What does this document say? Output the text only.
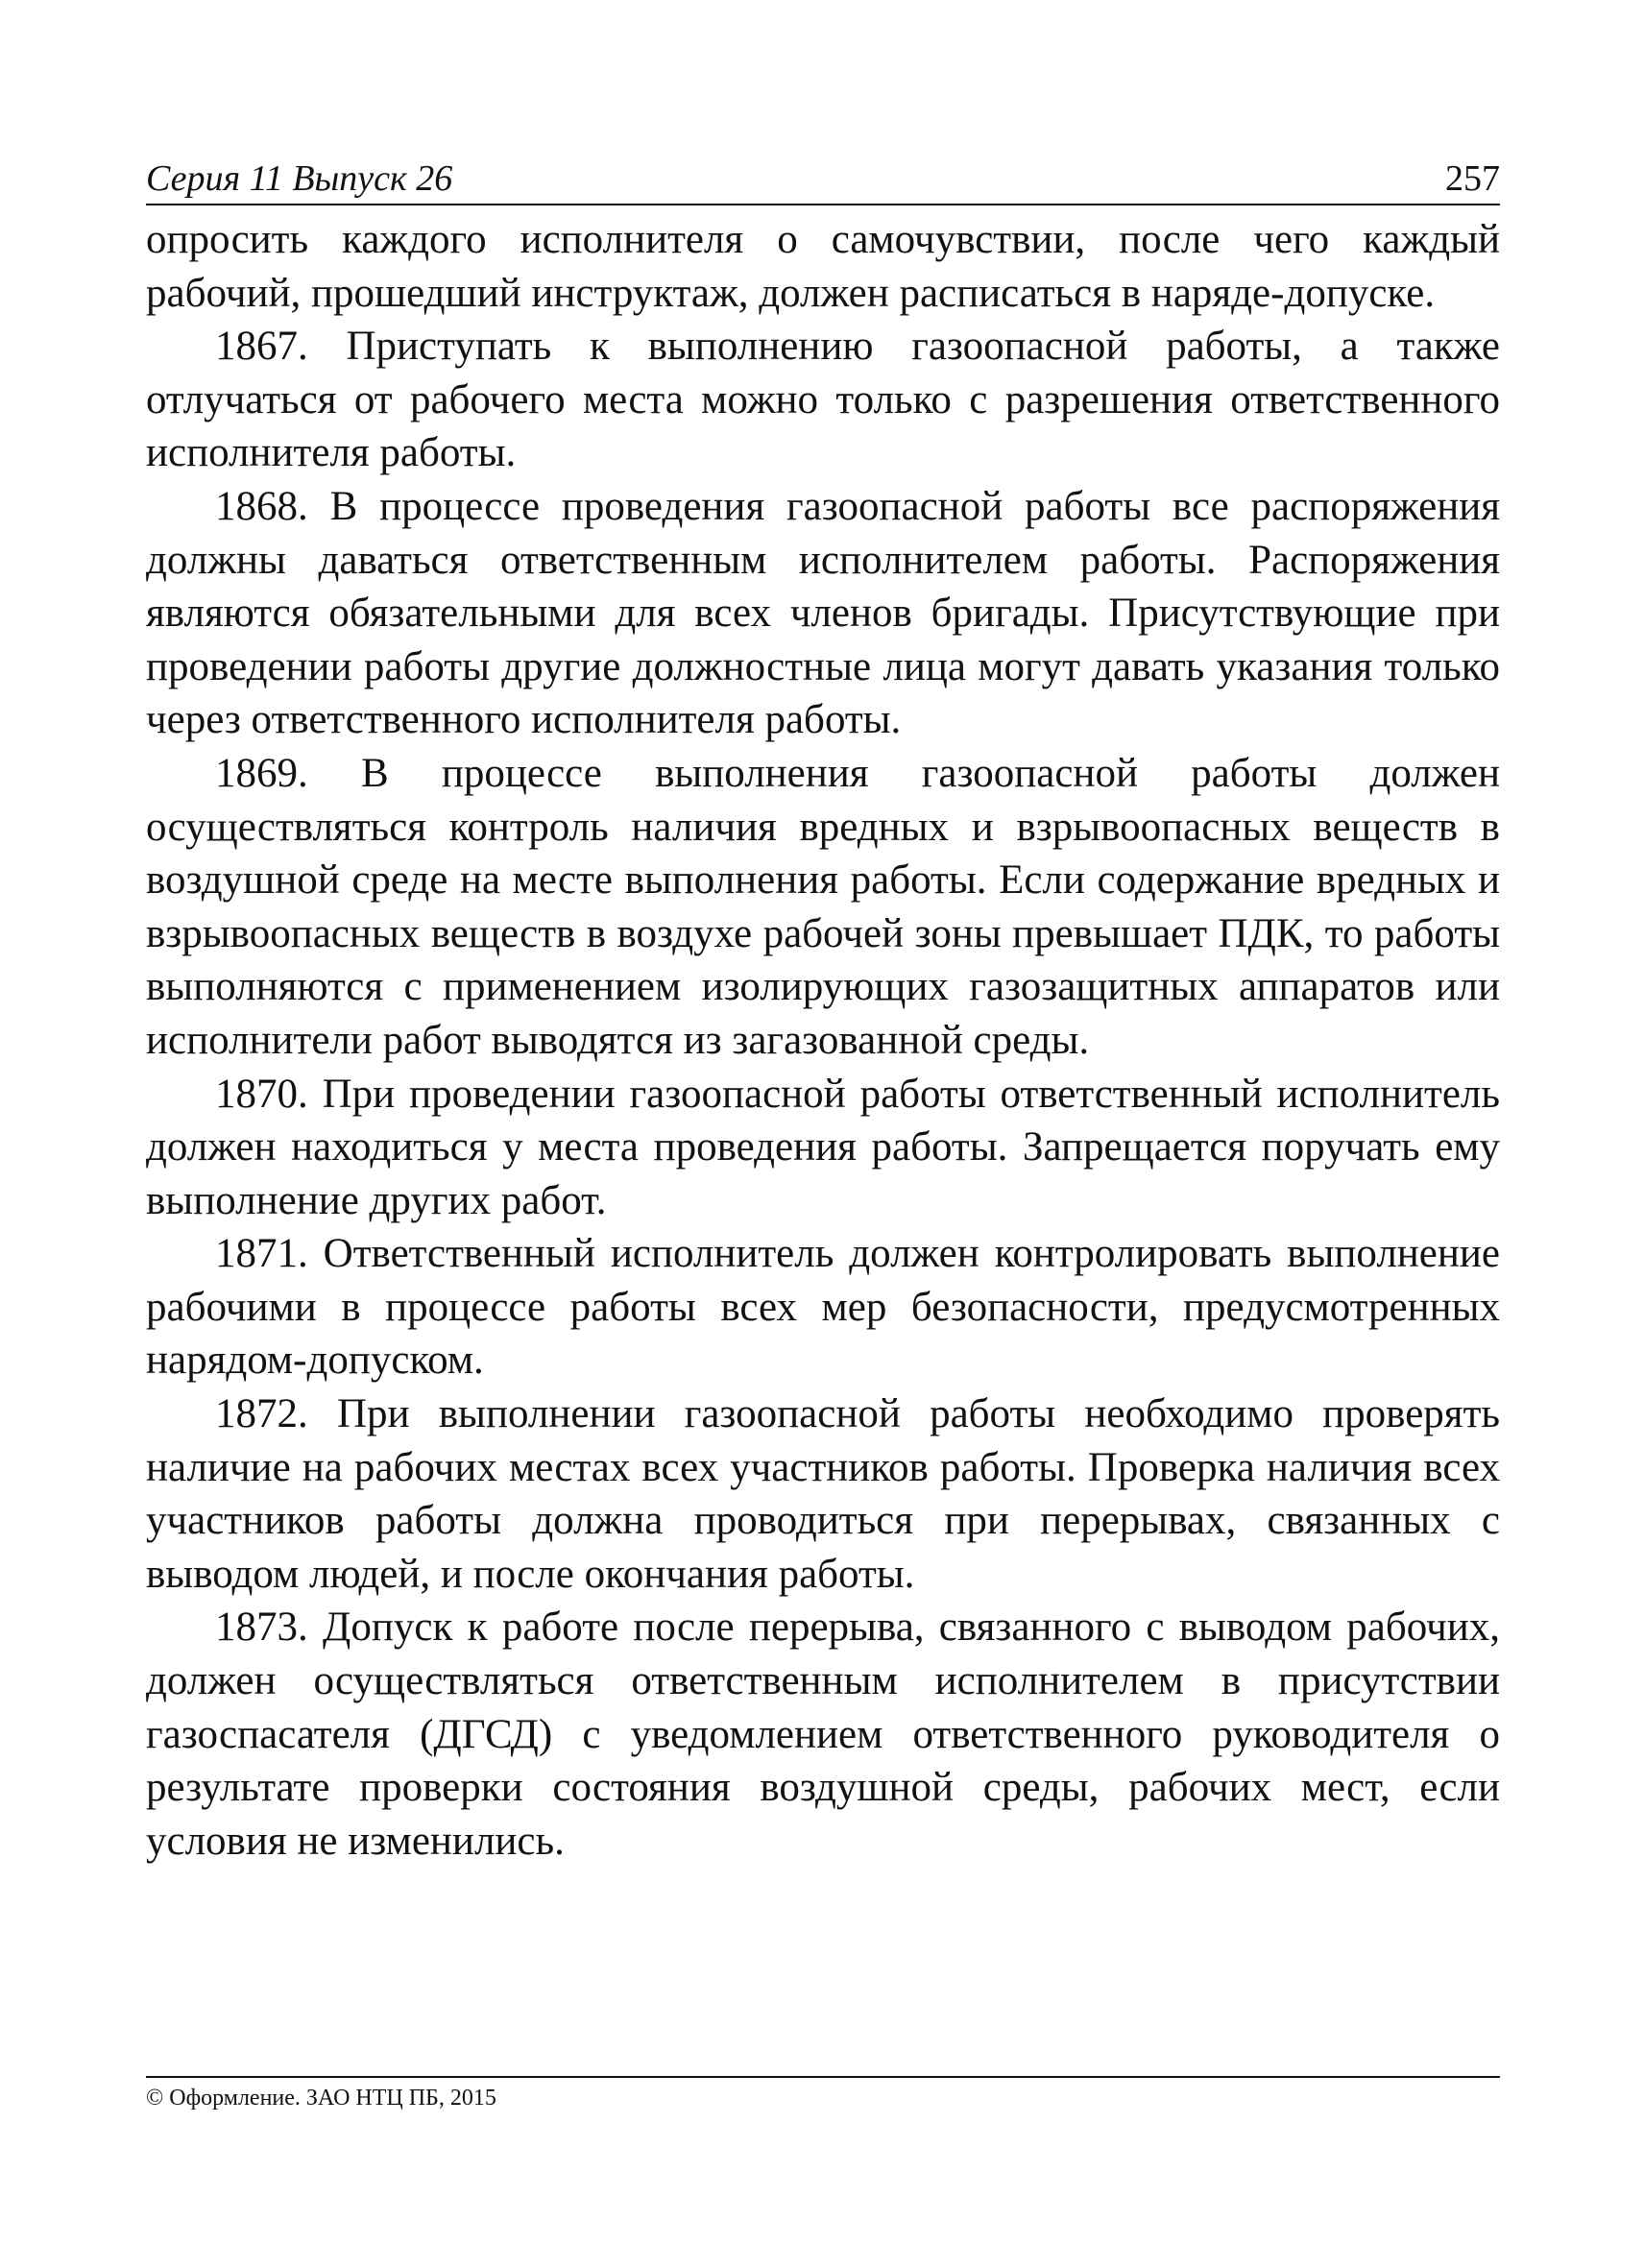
Серия 11 Выпуск 26	257

опросить каждого исполнителя о самочувствии, после чего каждый рабочий, прошедший инструктаж, должен расписаться в наряде-допуске.

1867. Приступать к выполнению газоопасной работы, а также отлучаться от рабочего места можно только с разрешения ответственного исполнителя работы.

1868. В процессе проведения газоопасной работы все распоряжения должны даваться ответственным исполнителем работы. Распоряжения являются обязательными для всех членов бригады. Присутствующие при проведении работы другие должностные лица могут давать указания только через ответственного исполнителя работы.

1869. В процессе выполнения газоопасной работы должен осуществляться контроль наличия вредных и взрывоопасных веществ в воздушной среде на месте выполнения работы. Если содержание вредных и взрывоопасных веществ в воздухе рабочей зоны превышает ПДК, то работы выполняются с применением изолирующих газозащитных аппаратов или исполнители работ выводятся из загазованной среды.

1870. При проведении газоопасной работы ответственный исполнитель должен находиться у места проведения работы. Запрещается поручать ему выполнение других работ.

1871. Ответственный исполнитель должен контролировать выполнение рабочими в процессе работы всех мер безопасности, предусмотренных нарядом-допуском.

1872. При выполнении газоопасной работы необходимо проверять наличие на рабочих местах всех участников работы. Проверка наличия всех участников работы должна проводиться при перерывах, связанных с выводом людей, и после окончания работы.

1873. Допуск к работе после перерыва, связанного с выводом рабочих, должен осуществляться ответственным исполнителем в присутствии газоспасателя (ДГСД) с уведомлением ответственного руководителя о результате проверки состояния воздушной среды, рабочих мест, если условия не изменились.

© Оформление. ЗАО НТЦ ПБ, 2015
